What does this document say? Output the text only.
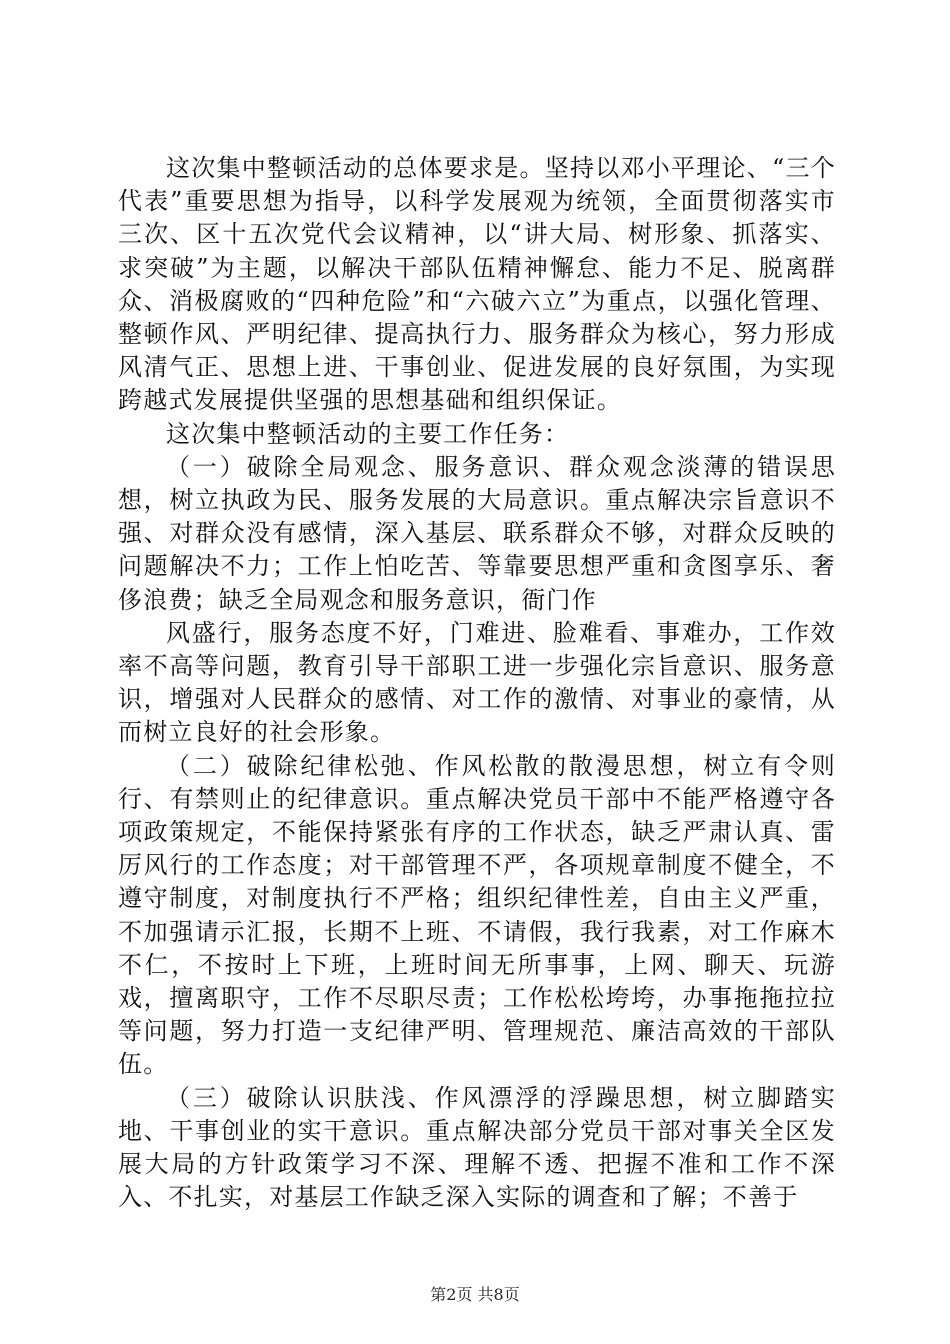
这次集中整顿活动的总体要求是。坚持以邓小平理论、“三个代表”重要思想为指导，以科学发展观为统领，全面贯彻落实市三次、区十五次党代会议精神，以“讲大局、树形象、抓落实、求突破”为主题，以解决干部队伍精神懈怠、能力不足、脱离群众、消极腐败的“四种危险”和“六破六立”为重点，以强化管理、整顿作风、严明纪律、提高执行力、服务群众为核心，努力形成风清气正、思想上进、干事创业、促进发展的良好氛围，为实现跨越式发展提供坚强的思想基础和组织保证。

这次集中整顿活动的主要工作任务：

（一）破除全局观念、服务意识、群众观念淡薄的错误思想，树立执政为民、服务发展的大局意识。重点解决宗旨意识不强、对群众没有感情，深入基层、联系群众不够，对群众反映的问题解决不力；工作上怕吃苦、等靠要思想严重和贪图享乐、奢侈浪费；缺乏全局观念和服务意识，衙门作

风盛行，服务态度不好，门难进、脸难看、事难办，工作效率不高等问题，教育引导干部职工进一步强化宗旨意识、服务意识，增强对人民群众的感情、对工作的激情、对事业的豪情，从而树立良好的社会形象。

（二）破除纪律松弛、作风松散的散漫思想，树立有令则行、有禁则止的纪律意识。重点解决党员干部中不能严格遵守各项政策规定，不能保持紧张有序的工作状态，缺乏严肃认真、雷厉风行的工作态度；对干部管理不严，各项规章制度不健全，不遵守制度，对制度执行不严格；组织纪律性差，自由主义严重，不加强请示汇报，长期不上班、不请假，我行我素，对工作麻木不仁，不按时上下班，上班时间无所事事，上网、聊天、玩游戏，擅离职守，工作不尽职尽责；工作松松垮垮，办事拖拖拉拉等问题，努力打造一支纪律严明、管理规范、廉洁高效的干部队伍。

（三）破除认识肤浅、作风漂浮的浮躁思想，树立脚踏实地、干事创业的实干意识。重点解决部分党员干部对事关全区发展大局的方针政策学习不深、理解不透、把握不准和工作不深入、不扎实，对基层工作缺乏深入实际的调查和了解；不善于

第2页 共8页
